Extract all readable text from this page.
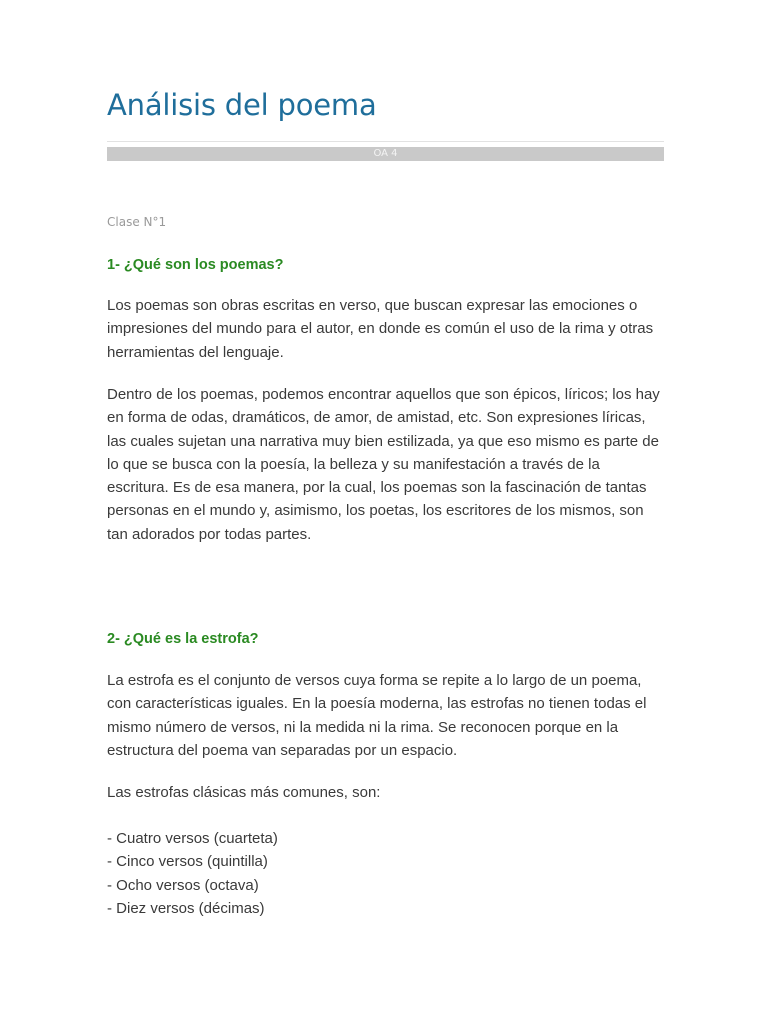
Análisis del poema
OA 4
Clase N°1
1- ¿Qué son los poemas?

Los poemas son obras escritas en verso, que buscan expresar las emociones o impresiones del mundo para el autor, en donde es común el uso de la rima y otras herramientas del lenguaje.

Dentro de los poemas, podemos encontrar aquellos que son épicos, líricos; los hay en forma de odas, dramáticos, de amor, de amistad, etc. Son expresiones líricas, las cuales sujetan una narrativa muy bien estilizada, ya que eso mismo es parte de lo que se busca con la poesía, la belleza y su manifestación a través de la escritura. Es de esa manera, por la cual, los poemas son la fascinación de tantas personas en el mundo y, asimismo, los poetas, los escritores de los mismos, son tan adorados por todas partes.

2- ¿Qué es la estrofa?

La estrofa es el conjunto de versos cuya forma se repite a lo largo de un poema, con características iguales. En la poesía moderna, las estrofas no tienen todas el mismo número de versos, ni la medida ni la rima. Se reconocen porque en la estructura del poema van separadas por un espacio.

Las estrofas clásicas más comunes, son:

- Cuatro versos (cuarteta)
- Cinco versos (quintilla)
- Ocho versos (octava)
- Diez versos (décimas)
